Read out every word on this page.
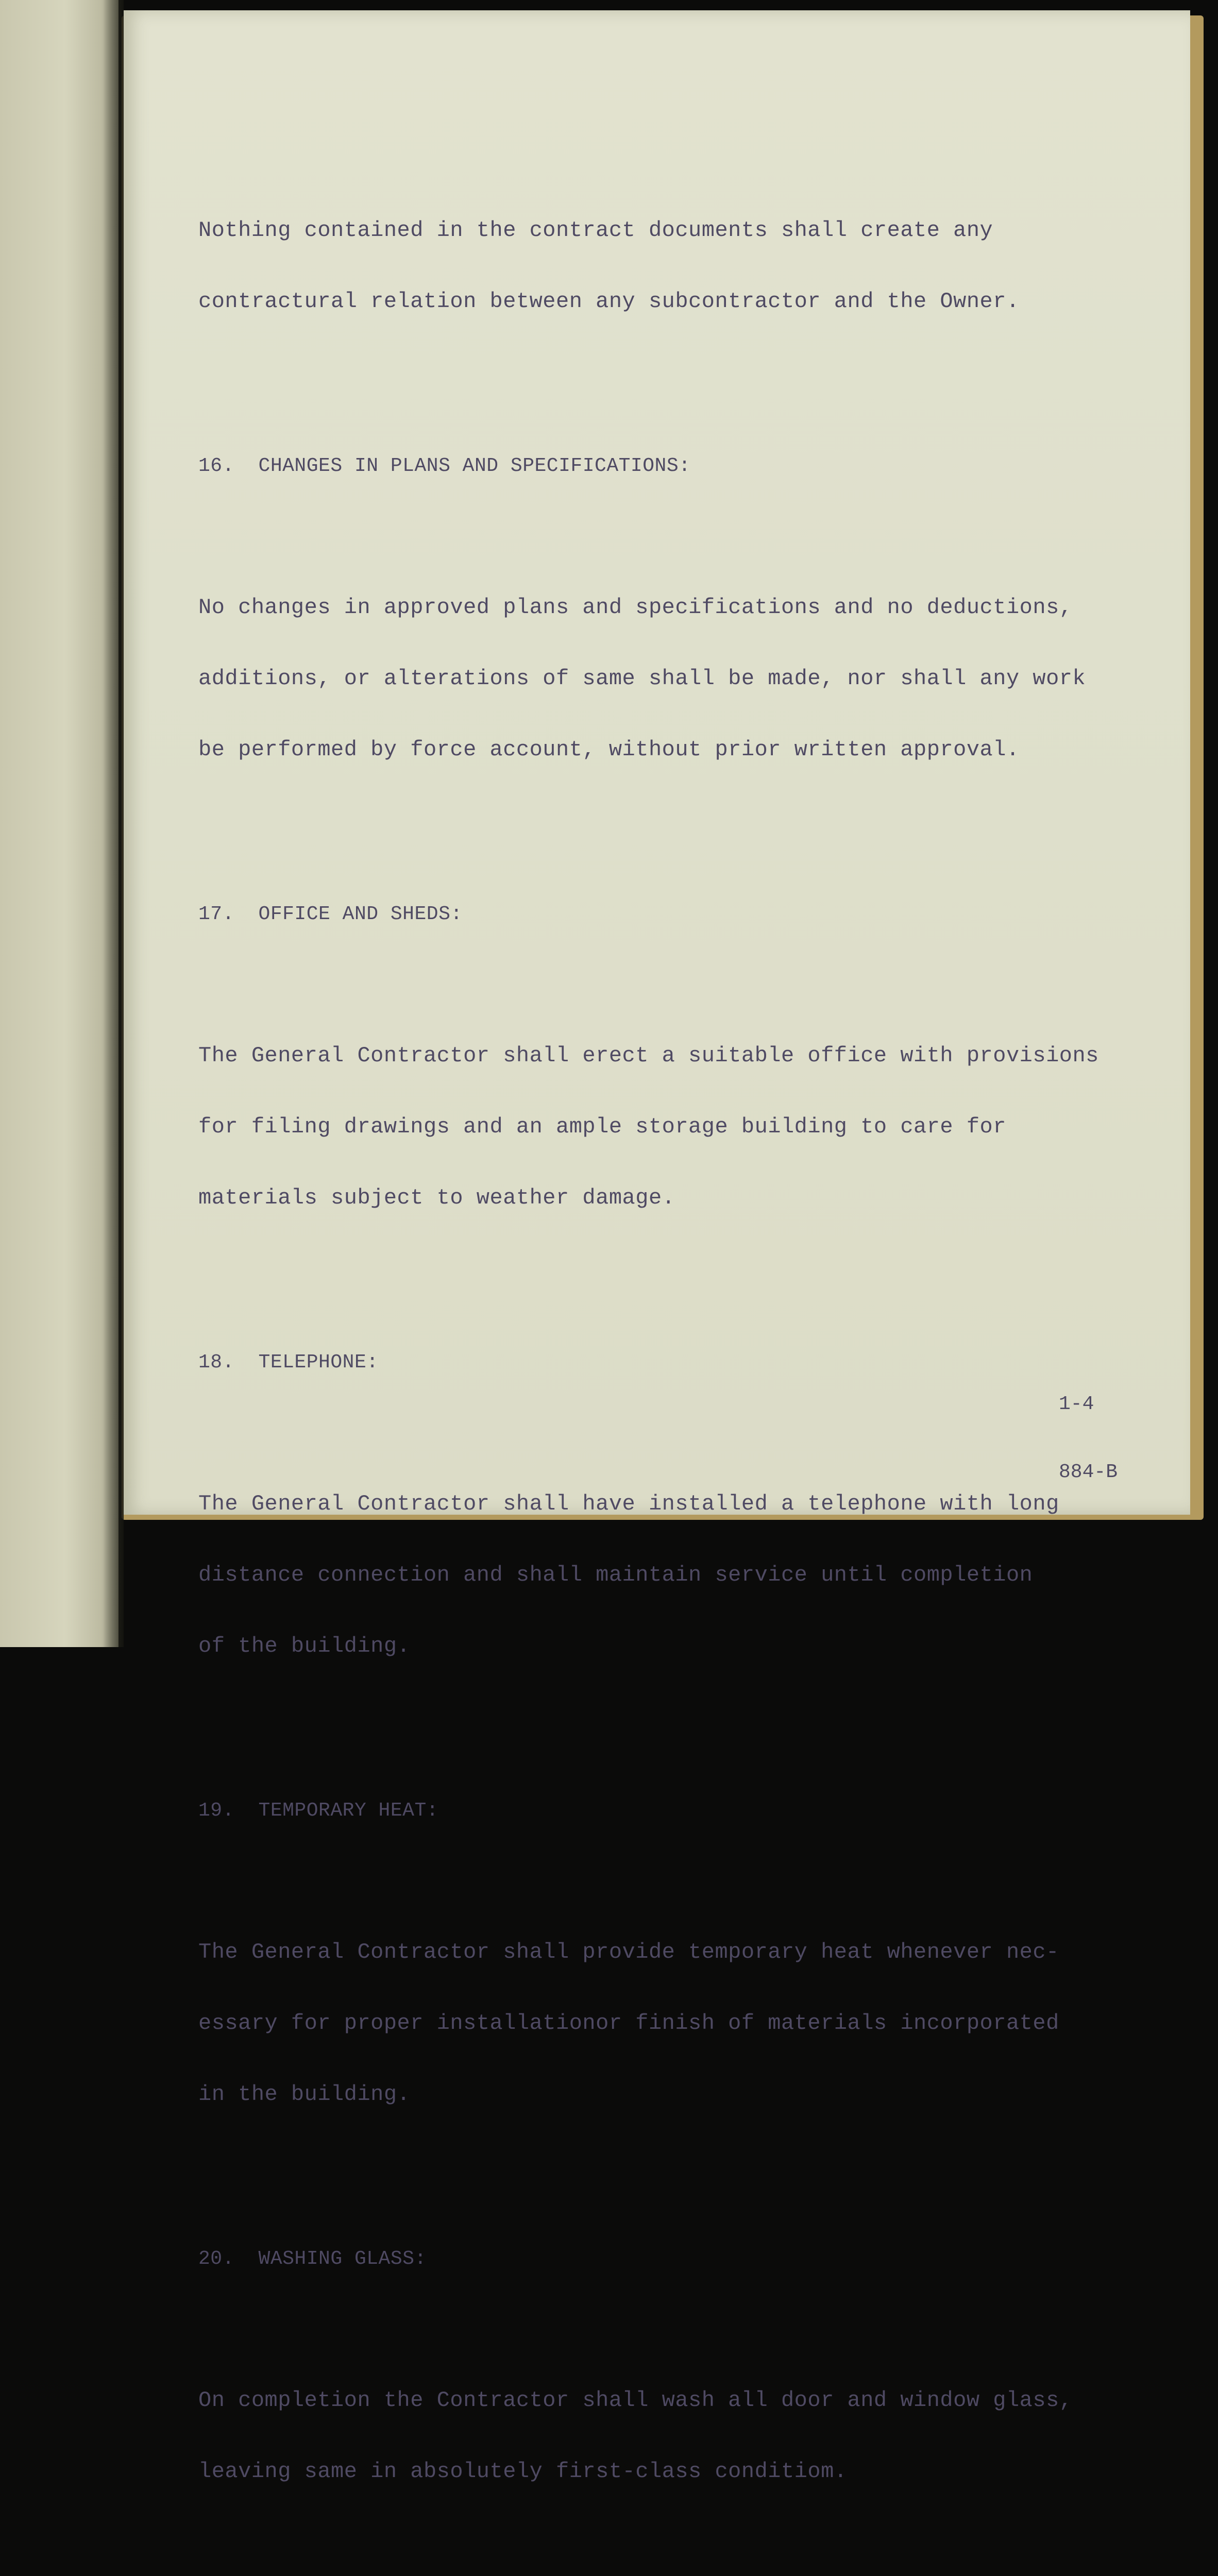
Nothing contained in the contract documents shall create any

contractural relation between any subcontractor and the Owner.

16.  CHANGES IN PLANS AND SPECIFICATIONS:

No changes in approved plans and specifications and no deductions,

additions, or alterations of same shall be made, nor shall any work

be performed by force account, without prior written approval.

17.  OFFICE AND SHEDS:

The General Contractor shall erect a suitable office with provisions

for filing drawings and an ample storage building to care for

materials subject to weather damage.

18.  TELEPHONE:

The General Contractor shall have installed a telephone with long

distance connection and shall maintain service until completion

of the building.

19.  TEMPORARY HEAT:

The General Contractor shall provide temporary heat whenever nec-

essary for proper installationor finish of materials incorporated

in the building.

20.  WASHING GLASS:

On completion the Contractor shall wash all door and window glass,

leaving same in absolutely first-class conditiom.

1-4

884-B
